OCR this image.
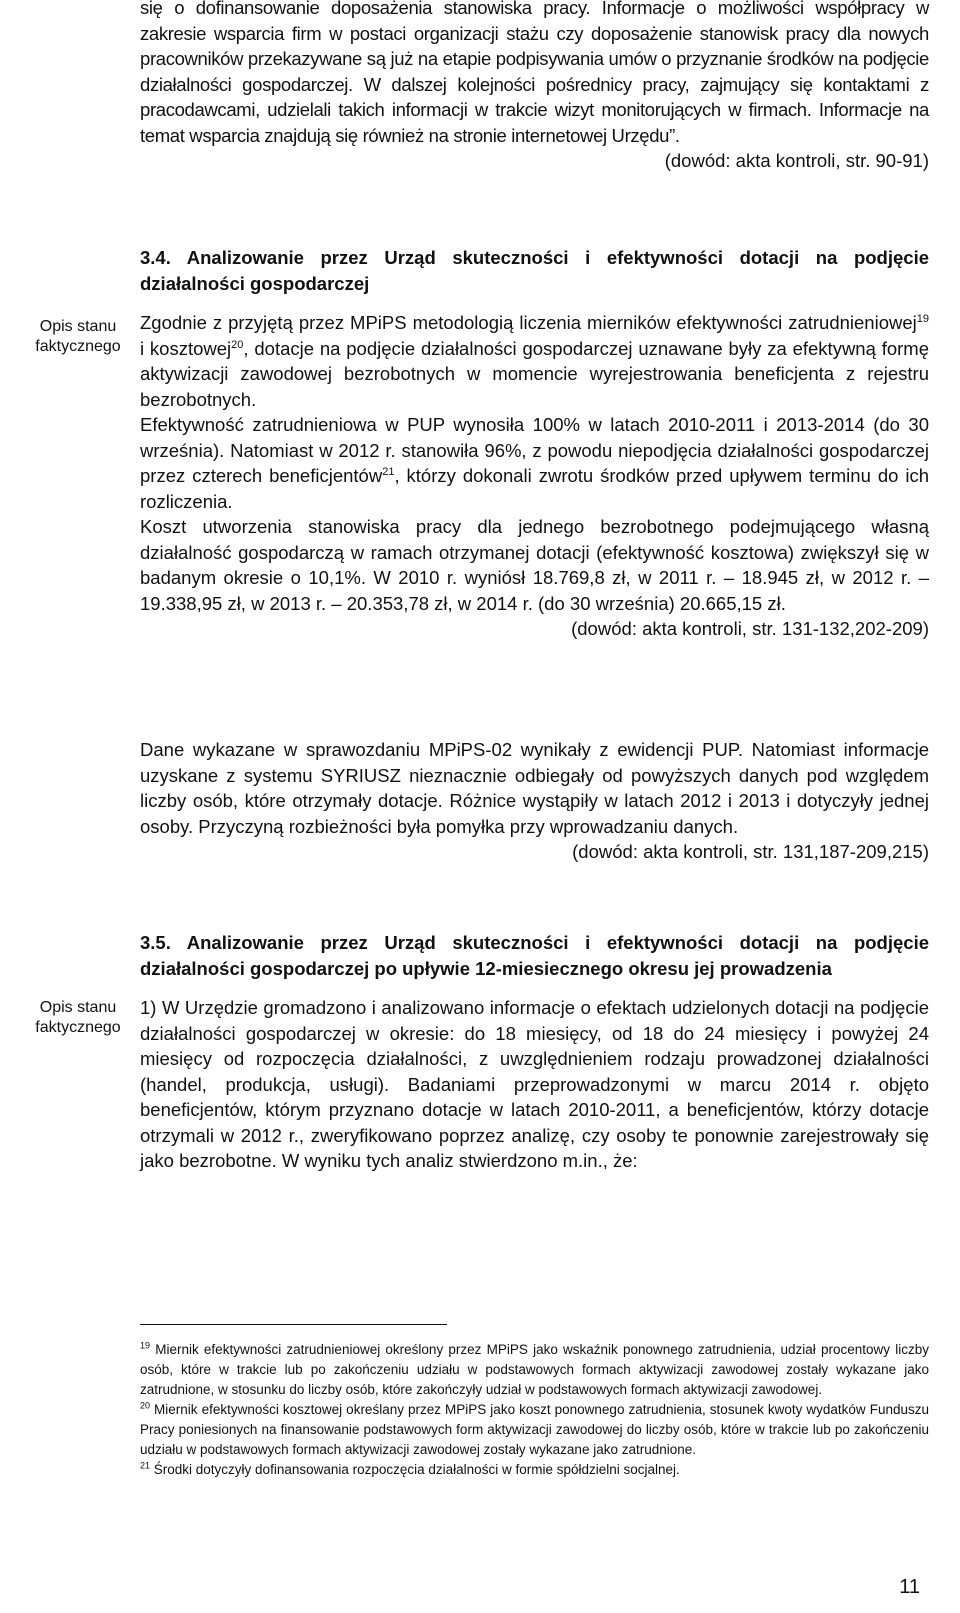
Opis stanu faktycznego
Opis stanu faktycznego

się o dofinansowanie doposażenia stanowiska pracy. Informacje o możliwości współpracy w zakresie wsparcia firm w postaci organizacji stażu czy doposażenie stanowisk pracy dla nowych pracowników przekazywane są już na etapie podpisywania umów o przyznanie środków na podjęcie działalności gospodarczej. W dalszej kolejności pośrednicy pracy, zajmujący się kontaktami z pracodawcami, udzielali takich informacji w trakcie wizyt monitorujących w firmach. Informacje na temat wsparcia znajdują się również na stronie internetowej Urzędu”.

(dowód: akta kontroli, str. 90-91)

3.4. Analizowanie przez Urząd skuteczności i efektywności dotacji na podjęcie działalności gospodarczej

Zgodnie z przyjętą przez MPiPS metodologią liczenia mierników efektywności zatrudnieniowej$^{19}$ i kosztowej$^{20}$, dotacje na podjęcie działalności gospodarczej uznawane były za efektywną formę aktywizacji zawodowej bezrobotnych w momencie wyrejestrowania beneficjenta z rejestru bezrobotnych.

Efektywność zatrudnieniowa w PUP wynosiła 100% w latach 2010-2011 i 2013-2014 (do 30 września). Natomiast w 2012 r. stanowiła 96%, z powodu niepodjęcia działalności gospodarczej przez czterech beneficjentów$^{21}$, którzy dokonali zwrotu środków przed upływem terminu do ich rozliczenia.

Koszt utworzenia stanowiska pracy dla jednego bezrobotnego podejmującego własną działalność gospodarczą w ramach otrzymanej dotacji (efektywność kosztowa) zwiększył się w badanym okresie o 10,1%. W 2010 r. wyniósł 18.769,8 zł, w 2011 r. – 18.945 zł, w 2012 r. – 19.338,95 zł, w 2013 r. – 20.353,78 zł, w 2014 r. (do 30 września) 20.665,15 zł.

(dowód: akta kontroli, str. 131-132,202-209)

Dane wykazane w sprawozdaniu MPiPS-02 wynikały z ewidencji PUP. Natomiast informacje uzyskane z systemu SYRIUSZ nieznacznie odbiegały od powyższych danych pod względem liczby osób, które otrzymały dotacje. Różnice wystąpiły w latach 2012 i 2013 i dotyczyły jednej osoby. Przyczyną rozbieżności była pomyłka przy wprowadzaniu danych.

(dowód: akta kontroli, str. 131,187-209,215)

3.5. Analizowanie przez Urząd skuteczności i efektywności dotacji na podjęcie działalności gospodarczej po upływie 12-miesiecznego okresu jej prowadzenia

1) W Urzędzie gromadzono i analizowano informacje o efektach udzielonych dotacji na podjęcie działalności gospodarczej w okresie: do 18 miesięcy, od 18 do 24 miesięcy i powyżej 24 miesięcy od rozpoczęcia działalności, z uwzględnieniem rodzaju prowadzonej działalności (handel, produkcja, usługi). Badaniami przeprowadzonymi w marcu 2014 r. objęto beneficjentów, którym przyznano dotacje w latach 2010-2011, a beneficjentów, którzy dotacje otrzymali w 2012 r., zweryfikowano poprzez analizę, czy osoby te ponownie zarejestrowały się jako bezrobotne. W wyniku tych analiz stwierdzono m.in., że:

$^{19}$ Miernik efektywności zatrudnieniowej określony przez MPiPS jako wskaźnik ponownego zatrudnienia, udział procentowy liczby osób, które w trakcie lub po zakończeniu udziału w podstawowych formach aktywizacji zawodowej zostały wykazane jako zatrudnione, w stosunku do liczby osób, które zakończyły udział w podstawowych formach aktywizacji zawodowej.

$^{20}$ Miernik efektywności kosztowej określany przez MPiPS jako koszt ponownego zatrudnienia, stosunek kwoty wydatków Funduszu Pracy poniesionych na finansowanie podstawowych form aktywizacji zawodowej do liczby osób, które w trakcie lub po zakończeniu udziału w podstawowych formach aktywizacji zawodowej zostały wykazane jako zatrudnione.

$^{21}$ Środki dotyczyły dofinansowania rozpoczęcia działalności w formie spółdzielni socjalnej.

11
